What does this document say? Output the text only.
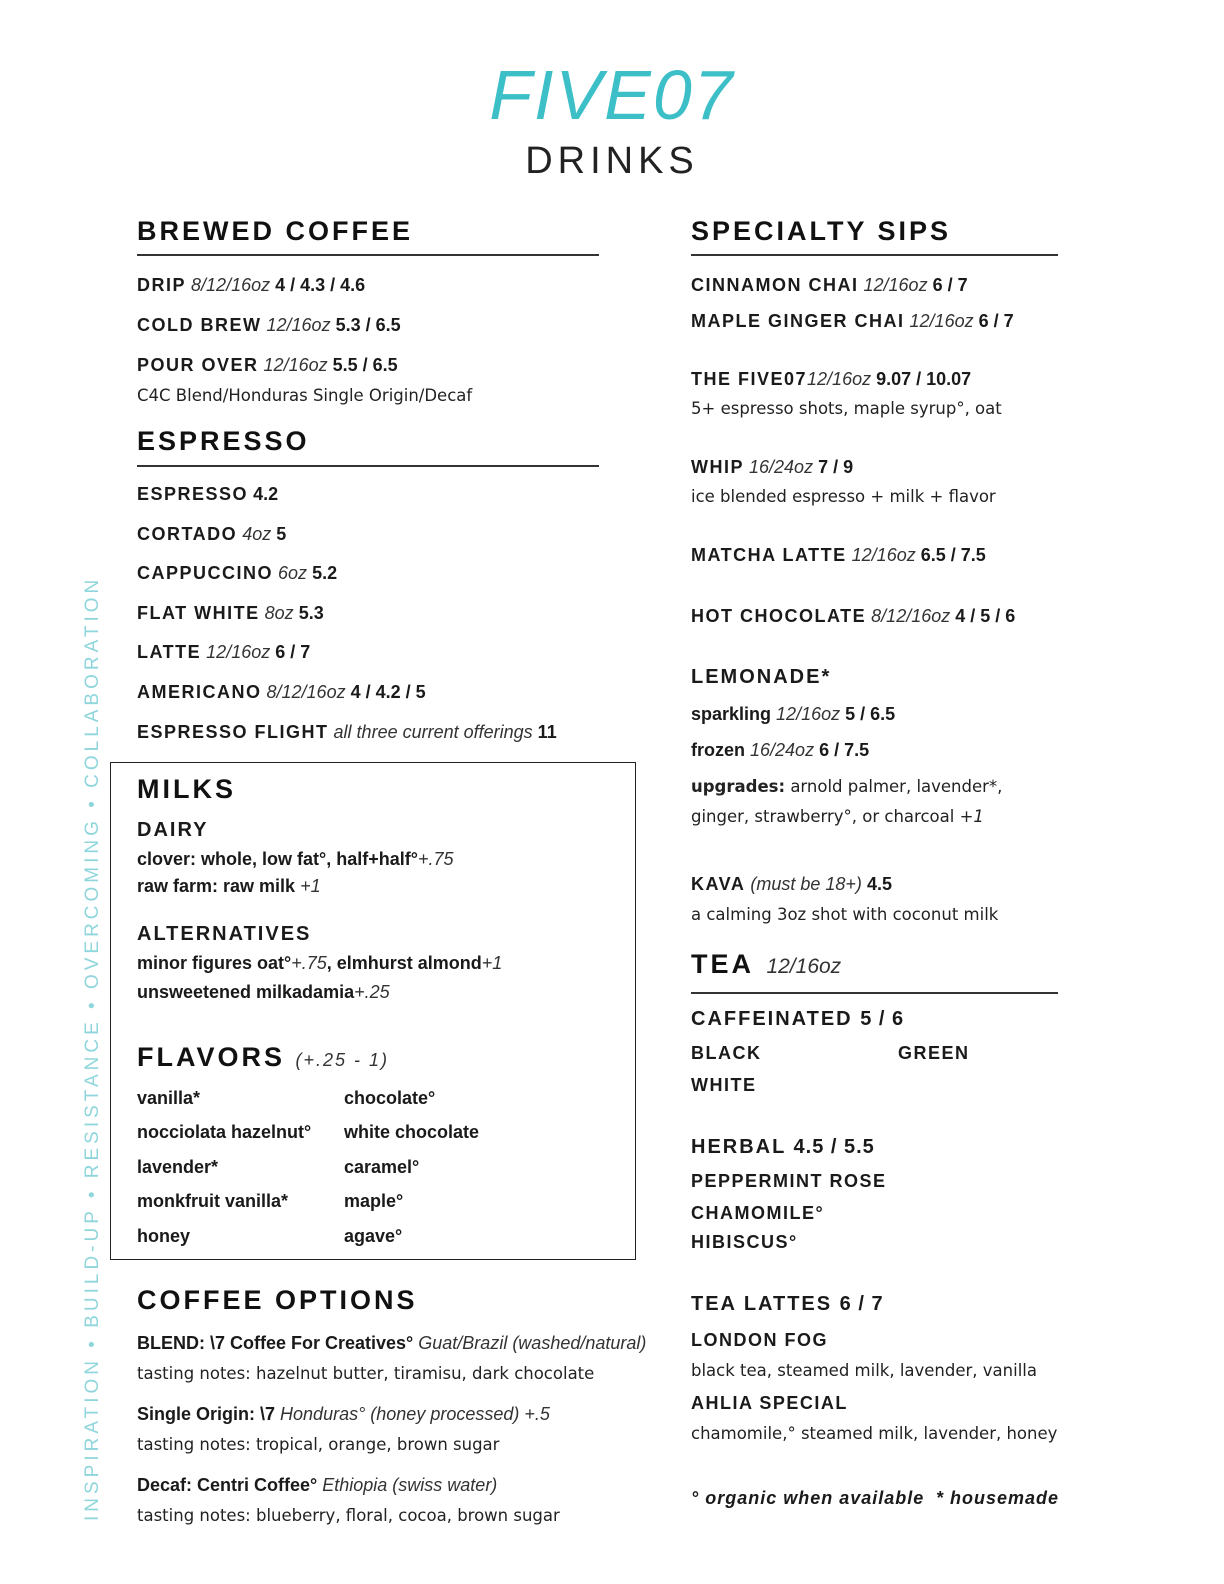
FIVE07
DRINKS
INSPIRATION • BUILD-UP • RESISTANCE • OVERCOMING • COLLABORATION
BREWED COFFEE
DRIP 8/12/16oz 4 / 4.3 / 4.6
COLD BREW 12/16oz 5.3 / 6.5
POUR OVER 12/16oz 5.5 / 6.5
C4C Blend/Honduras Single Origin/Decaf
ESPRESSO
ESPRESSO 4.2
CORTADO 4oz 5
CAPPUCCINO 6oz 5.2
FLAT WHITE 8oz 5.3
LATTE 12/16oz 6 / 7
AMERICANO 8/12/16oz 4 / 4.2 / 5
ESPRESSO FLIGHT all three current offerings 11
MILKS
DAIRY
clover: whole, low fat°, half+half°+.75
raw farm: raw milk +1
ALTERNATIVES
minor figures oat°+.75, elmhurst almond+1
unsweetened milkadamia+.25
FLAVORS (+.25 - 1)
vanilla*
nocciolata hazelnut°
lavender*
monkfruit vanilla*
honey
chocolate°
white chocolate
caramel°
maple°
agave°
COFFEE OPTIONS
BLEND: \7 Coffee For Creatives° Guat/Brazil (washed/natural)
tasting notes: hazelnut butter, tiramisu, dark chocolate
Single Origin: \7 Honduras° (honey processed) +.5
tasting notes: tropical, orange, brown sugar
Decaf: Centri Coffee° Ethiopia (swiss water)
tasting notes: blueberry, floral, cocoa, brown sugar
SPECIALTY SIPS
CINNAMON CHAI 12/16oz 6 / 7
MAPLE GINGER CHAI 12/16oz 6 / 7
THE FIVE0712/16oz 9.07 / 10.07
5+ espresso shots, maple syrup°, oat
WHIP 16/24oz 7 / 9
ice blended espresso + milk + flavor
MATCHA LATTE 12/16oz 6.5 / 7.5
HOT CHOCOLATE 8/12/16oz 4 / 5 / 6
LEMONADE*
sparkling 12/16oz 5 / 6.5
frozen 16/24oz 6 / 7.5
upgrades: arnold palmer, lavender*,
ginger, strawberry°, or charcoal +1
KAVA (must be 18+) 4.5
a calming 3oz shot with coconut milk
TEA 12/16oz
CAFFEINATED 5 / 6
BLACK	GREEN
WHITE
HERBAL 4.5 / 5.5
PEPPERMINT ROSE
CHAMOMILE°
HIBISCUS°
TEA LATTES 6 / 7
LONDON FOG
black tea, steamed milk, lavender, vanilla
AHLIA SPECIAL
chamomile,° steamed milk, lavender, honey
° organic when available * housemade
